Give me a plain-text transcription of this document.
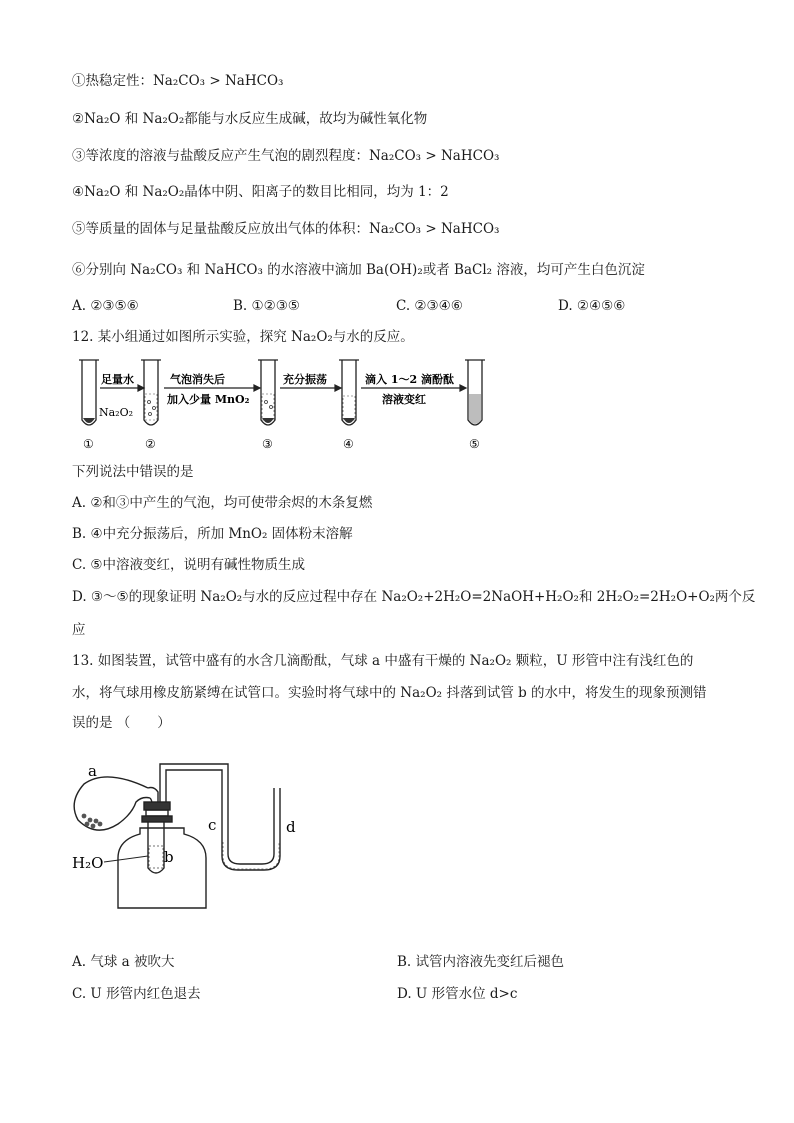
①热稳定性：Na₂CO₃ > NaHCO₃
②Na₂O 和 Na₂O₂都能与水反应生成碱，故均为碱性氧化物
③等浓度的溶液与盐酸反应产生气泡的剧烈程度：Na₂CO₃ > NaHCO₃
④Na₂O 和 Na₂O₂晶体中阴、阳离子的数目比相同，均为 1：2
⑤等质量的固体与足量盐酸反应放出气体的体积：Na₂CO₃ > NaHCO₃
⑥分别向 Na₂CO₃ 和 NaHCO₃ 的水溶液中滴加 Ba(OH)₂或者 BaCl₂ 溶液，均可产生白色沉淀
A. ②③⑤⑥	B. ①②③⑤	C. ②③④⑥	D. ②④⑤⑥
12. 某小组通过如图所示实验，探究 Na₂O₂与水的反应。
足量水
Na₂O₂
气泡消失后
加入少量 MnO₂
充分振荡	滴入 1～2 滴酚酞
溶液变红
①	②	③	④	⑤
下列说法中错误的是
A. ②和③中产生的气泡，均可使带余烬的木条复燃
B. ④中充分振荡后，所加 MnO₂ 固体粉末溶解
C. ⑤中溶液变红，说明有碱性物质生成
D. ③～⑤的现象证明 Na₂O₂与水的反应过程中存在 Na₂O₂+2H₂O=2NaOH+H₂O₂和 2H₂O₂=2H₂O+O₂两个反
应
13. 如图装置，试管中盛有的水含几滴酚酞，气球 a 中盛有干燥的 Na₂O₂ 颗粒，U 形管中注有浅红色的
水，将气球用橡皮筋紧缚在试管口。实验时将气球中的 Na₂O₂ 抖落到试管 b 的水中，将发生的现象预测错
误的是 （　　）
a
b
c	d
H₂O
A. 气球 a 被吹大	B. 试管内溶液先变红后褪色
C. U 形管内红色退去	D. U 形管水位 d>c
